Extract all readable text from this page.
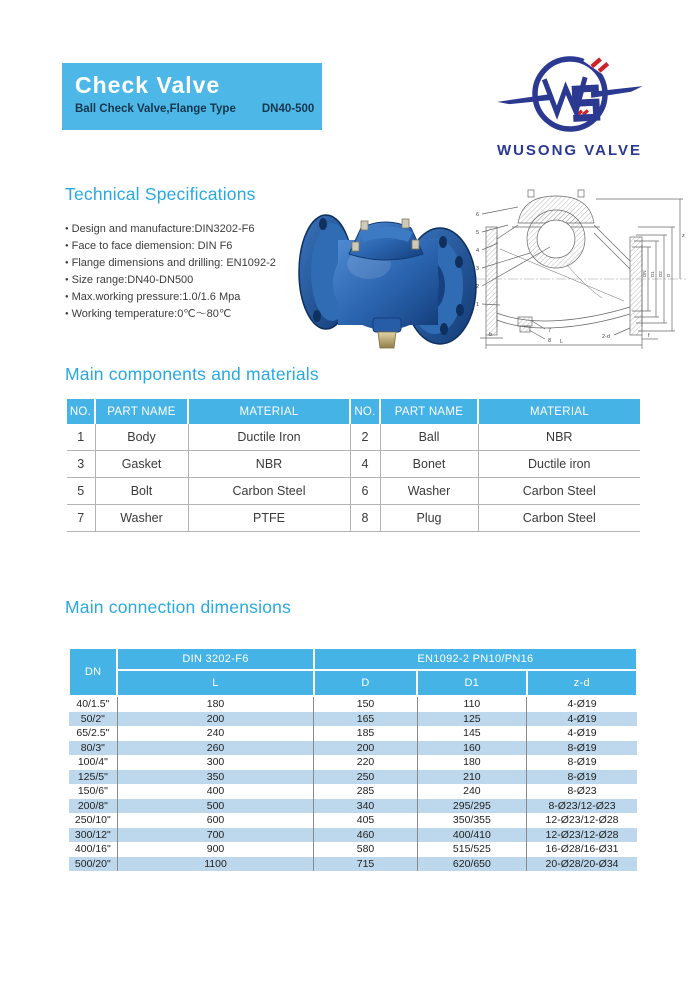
Check Valve
Ball Check Valve,Flange Type DN40-500
WUSONG VALVE
Technical Specifications
● Design and manufacture:DIN3202-F6
● Face to face diemension: DIN F6
● Flange dimensions and drilling: EN1092-2
● Size range:DN40-DN500
● Max.working pressure:1.0/1.6 Mpa
● Working temperature:0℃～80℃
6
5
4
3
2
1
7
8
2-d
L
b	f
z
DN D1 D2 D
Main components and materials
NO.	PART NAME	MATERIAL	NO.	PART NAME	MATERIAL
1	Body	Ductile Iron	2	Ball	NBR
3	Gasket	NBR	4	Bonet	Ductile iron
5	Bolt	Carbon Steel	6	Washer	Carbon Steel
7	Washer	PTFE	8	Plug	Carbon Steel
Main connection dimensions
DN	DIN 3202-F6	EN1092-2 PN10/PN16		
	L	D	D1	z-d
40/1.5"	180	150	110	4-Ø19
50/2"	200	165	125	4-Ø19
65/2.5"	240	185	145	4-Ø19
80/3"	260	200	160	8-Ø19
100/4"	300	220	180	8-Ø19
125/5"	350	250	210	8-Ø19
150/6"	400	285	240	8-Ø23
200/8"	500	340	295/295	8-Ø23/12-Ø23
250/10"	600	405	350/355	12-Ø23/12-Ø28
300/12"	700	460	400/410	12-Ø23/12-Ø28
400/16"	900	580	515/525	16-Ø28/16-Ø31
500/20"	1100	715	620/650	20-Ø28/20-Ø34
